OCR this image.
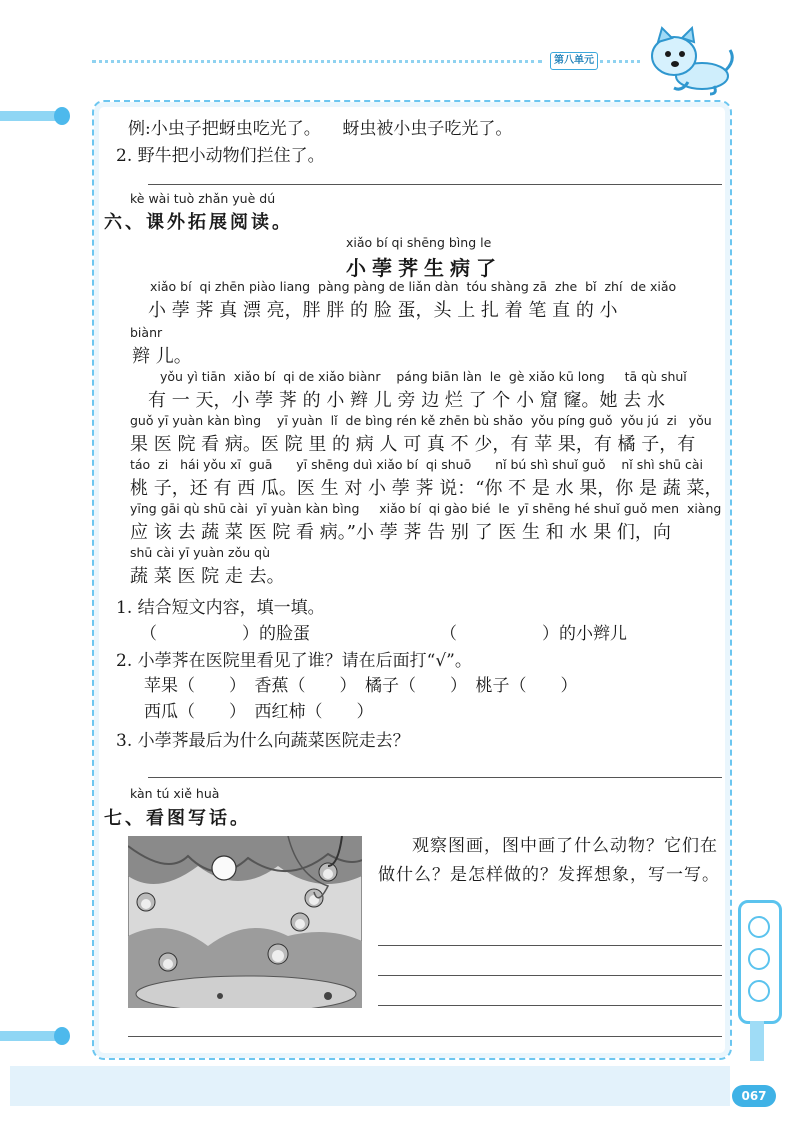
第八单元
例:小虫子把蚜虫吃光了。    蚜虫被小虫子吃光了。
2. 野牛把小动物们拦住了。
kè wài tuò zhǎn yuè dú
六、课外拓展阅读。
xiǎo bí qi shēng bìng le
小荸荠生病了
xiǎo bí  qi zhēn piào liang  pàng pàng de liǎn dàn  tóu shàng zā  zhe  bǐ  zhí  de xiǎo
　小 荸 荠 真 漂 亮，胖 胖 的 脸 蛋，头 上 扎 着 笔 直 的 小
biànr
辫 儿。
yǒu yì tiān  xiǎo bí  qi de xiǎo biànr    páng biān làn  le  gè xiǎo kū long     tā qù shuǐ
　有 一 天，小 荸 荠 的 小 辫 儿 旁 边 烂 了 个 小 窟 窿。她 去 水
guǒ yī yuàn kàn bìng    yī yuàn  lǐ  de bìng rén kě zhēn bù shǎo  yǒu píng guǒ  yǒu jú  zi   yǒu
果 医 院 看 病。医 院 里 的 病 人 可 真 不 少，有 苹 果，有 橘 子，有
táo  zi   hái yǒu xī  guā      yī shēng duì xiǎo bí  qi shuō      nǐ bú shì shuǐ guǒ    nǐ shì shū cài
桃 子，还 有 西 瓜。医 生 对 小 荸 荠 说：“你 不 是 水 果，你 是 蔬 菜，
yīng gāi qù shū cài  yī yuàn kàn bìng     xiǎo bí  qi gào bié  le  yī shēng hé shuǐ guǒ men  xiàng
应 该 去 蔬 菜 医 院 看 病。”小 荸 荠 告 别 了 医 生 和 水 果 们，向
shū cài yī yuàn zǒu qù
蔬 菜 医 院 走 去。
1. 结合短文内容，填一填。
（　　　　　）的脸蛋	（　　　　　）的小辫儿
2. 小荸荠在医院里看见了谁？请在后面打“√”。
苹果（　　）　香蕉（　　）　橘子（　　）　桃子（　　）
西瓜（　　）　西红柿（　　）
3. 小荸荠最后为什么向蔬菜医院走去？
kàn tú xiě huà
七、看图写话。
观察图画，图中画了什么动物？它们在做什么？是怎样做的？发挥想象，写一写。
067
